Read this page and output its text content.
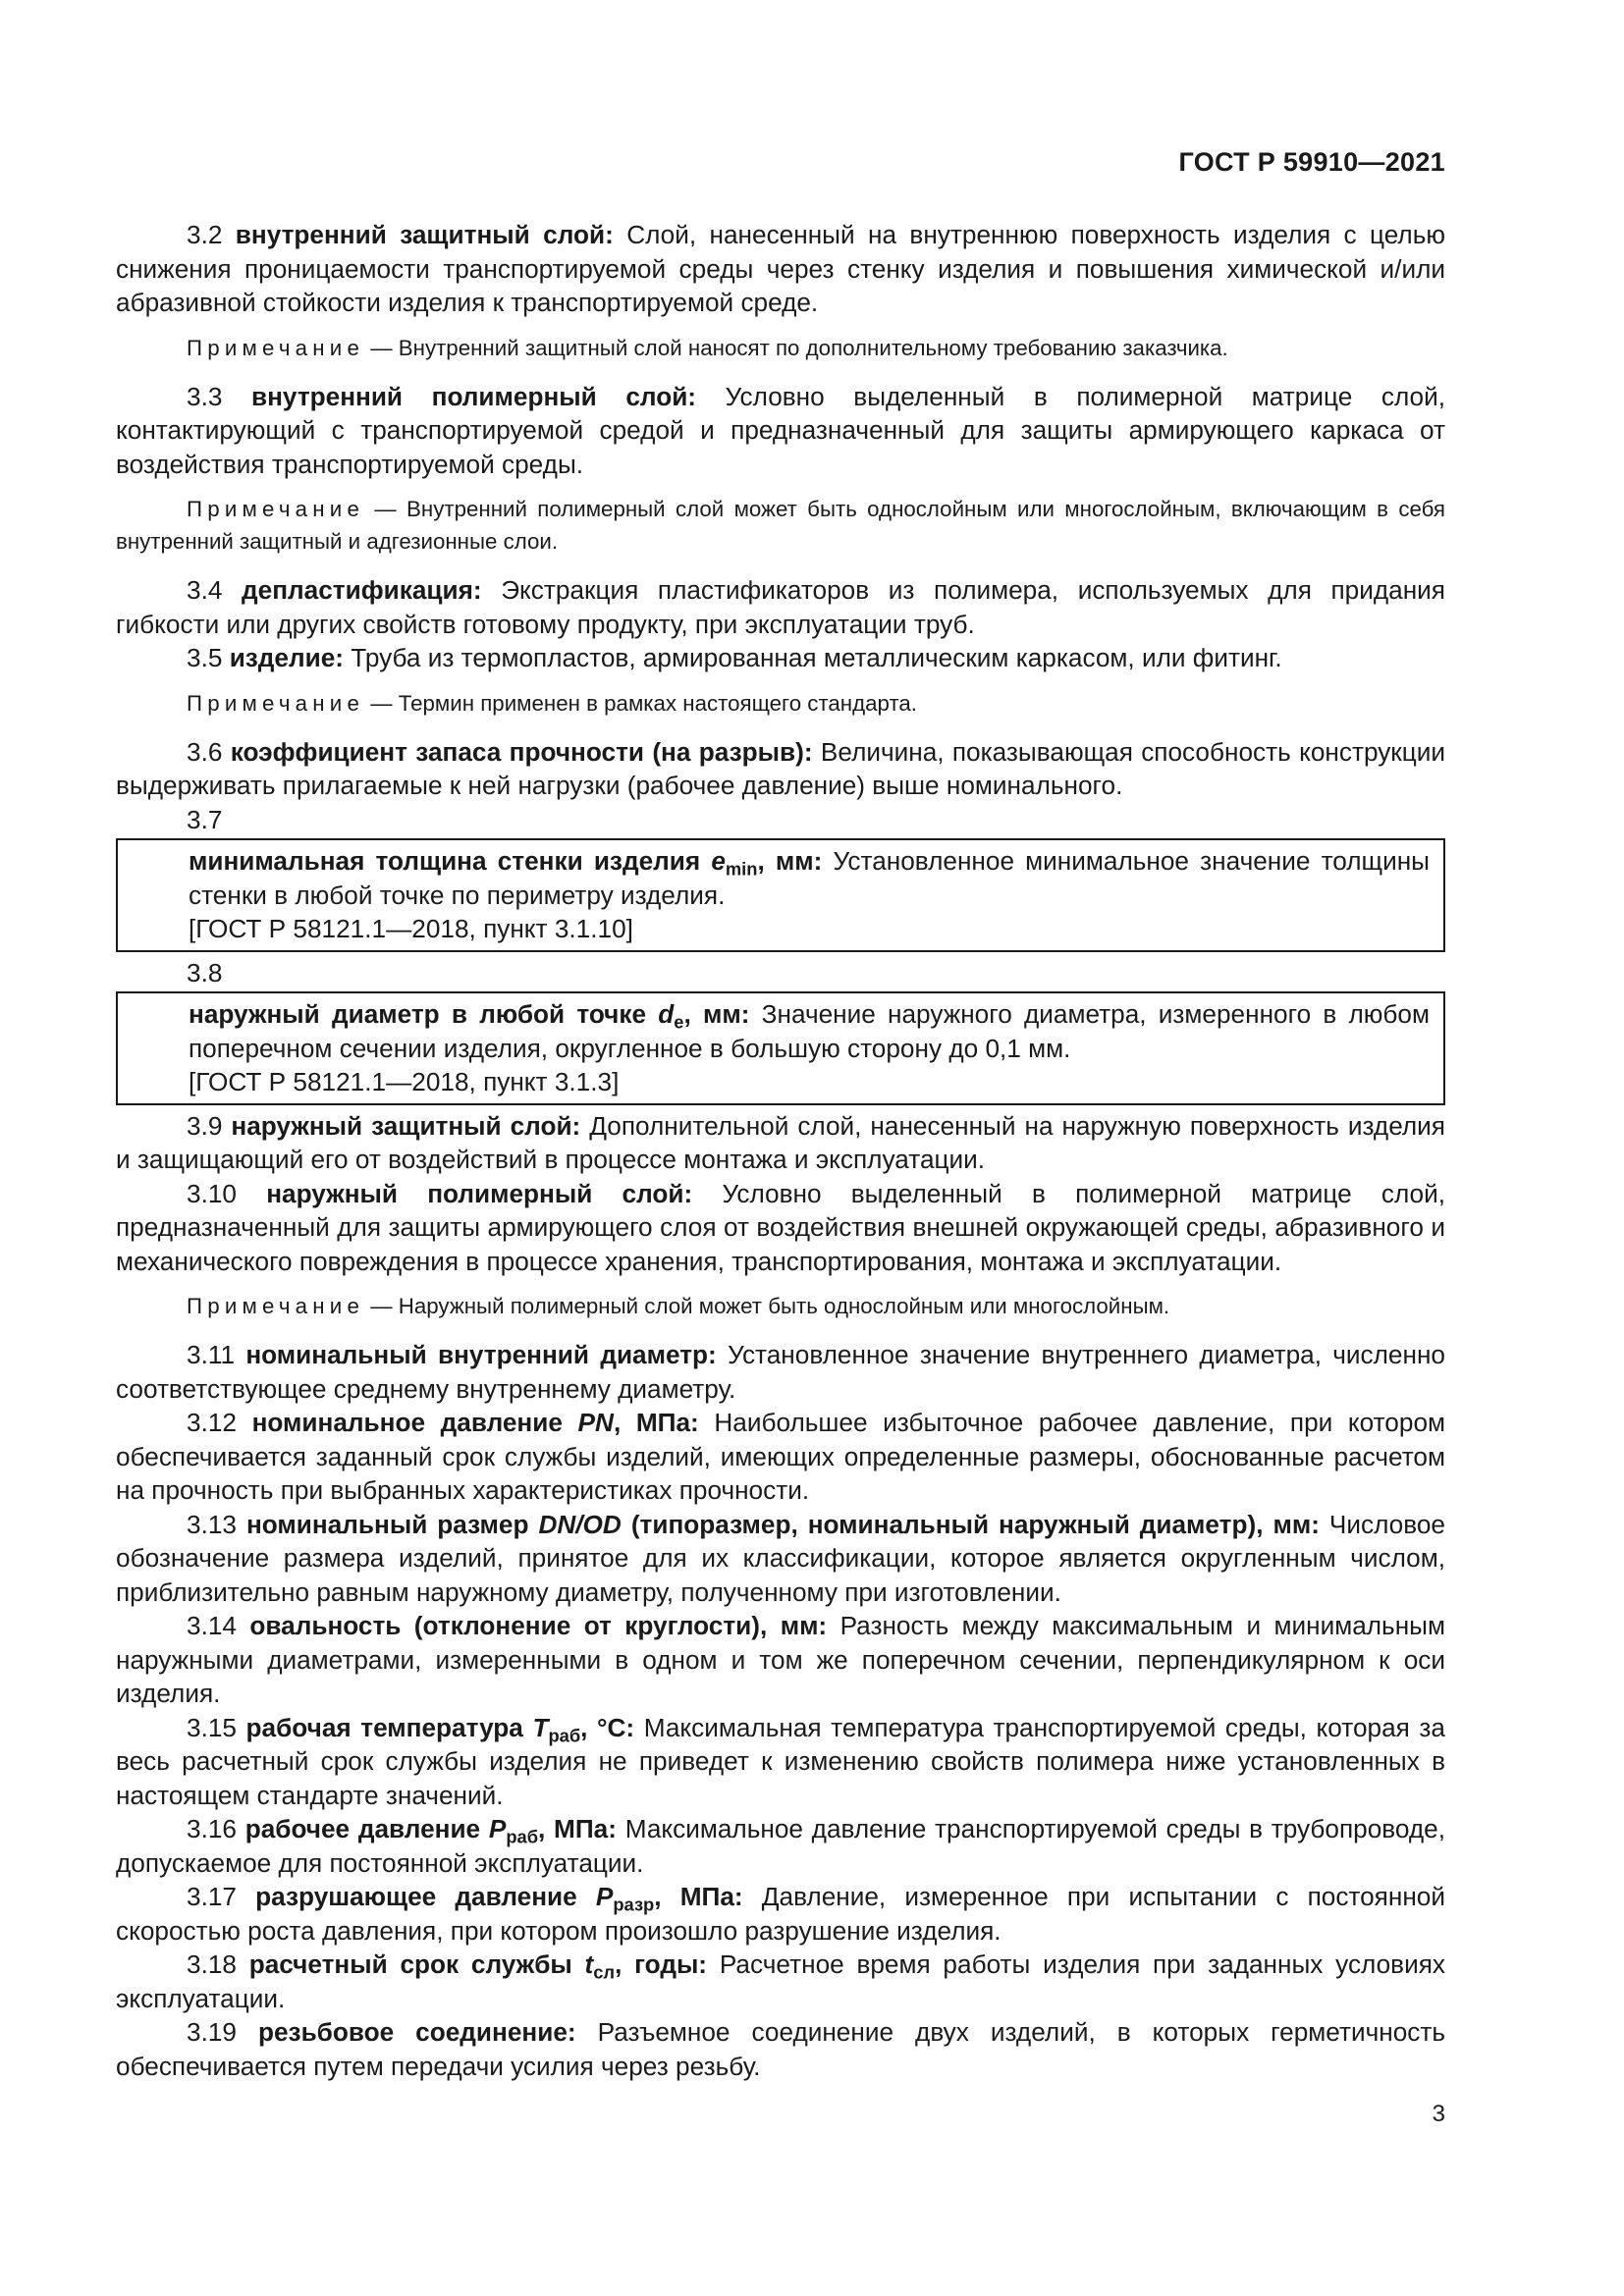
ГОСТ Р 59910—2021

3.2 внутренний защитный слой: Слой, нанесенный на внутреннюю поверхность изделия с целью снижения проницаемости транспортируемой среды через стенку изделия и повышения химической и/или абразивной стойкости изделия к транспортируемой среде.

Примечание — Внутренний защитный слой наносят по дополнительному требованию заказчика.

3.3 внутренний полимерный слой: Условно выделенный в полимерной матрице слой, контактирующий с транспортируемой средой и предназначенный для защиты армирующего каркаса от воздействия транспортируемой среды.

Примечание — Внутренний полимерный слой может быть однослойным или многослойным, включающим в себя внутренний защитный и адгезионные слои.

3.4 депластификация: Экстракция пластификаторов из полимера, используемых для придания гибкости или других свойств готовому продукту, при эксплуатации труб.

3.5 изделие: Труба из термопластов, армированная металлическим каркасом, или фитинг.

Примечание — Термин применен в рамках настоящего стандарта.

3.6 коэффициент запаса прочности (на разрыв): Величина, показывающая способность конструкции выдерживать прилагаемые к ней нагрузки (рабочее давление) выше номинального.

3.7

минимальная толщина стенки изделия $e_{min}$, мм: Установленное минимальное значение толщины стенки в любой точке по периметру изделия.

[ГОСТ Р 58121.1—2018, пункт 3.1.10]

3.8

наружный диаметр в любой точке $d_e$, мм: Значение наружного диаметра, измеренного в любом поперечном сечении изделия, округленное в большую сторону до 0,1 мм.

[ГОСТ Р 58121.1—2018, пункт 3.1.3]

3.9 наружный защитный слой: Дополнительной слой, нанесенный на наружную поверхность изделия и защищающий его от воздействий в процессе монтажа и эксплуатации.

3.10 наружный полимерный слой: Условно выделенный в полимерной матрице слой, предназначенный для защиты армирующего слоя от воздействия внешней окружающей среды, абразивного и механического повреждения в процессе хранения, транспортирования, монтажа и эксплуатации.

Примечание — Наружный полимерный слой может быть однослойным или многослойным.

3.11 номинальный внутренний диаметр: Установленное значение внутреннего диаметра, численно соответствующее среднему внутреннему диаметру.

3.12 номинальное давление PN, МПа: Наибольшее избыточное рабочее давление, при котором обеспечивается заданный срок службы изделий, имеющих определенные размеры, обоснованные расчетом на прочность при выбранных характеристиках прочности.

3.13 номинальный размер DN/OD (типоразмер, номинальный наружный диаметр), мм: Числовое обозначение размера изделий, принятое для их классификации, которое является округленным числом, приблизительно равным наружному диаметру, полученному при изготовлении.

3.14 овальность (отклонение от круглости), мм: Разность между максимальным и минимальным наружными диаметрами, измеренными в одном и том же поперечном сечении, перпендикулярном к оси изделия.

3.15 рабочая температура $T_{раб}$, °C: Максимальная температура транспортируемой среды, которая за весь расчетный срок службы изделия не приведет к изменению свойств полимера ниже установленных в настоящем стандарте значений.

3.16 рабочее давление $P_{раб}$, МПа: Максимальное давление транспортируемой среды в трубопроводе, допускаемое для постоянной эксплуатации.

3.17 разрушающее давление $P_{разр}$, МПа: Давление, измеренное при испытании с постоянной скоростью роста давления, при котором произошло разрушение изделия.

3.18 расчетный срок службы $t_{сл}$, годы: Расчетное время работы изделия при заданных условиях эксплуатации.

3.19 резьбовое соединение: Разъемное соединение двух изделий, в которых герметичность обеспечивается путем передачи усилия через резьбу.

3
